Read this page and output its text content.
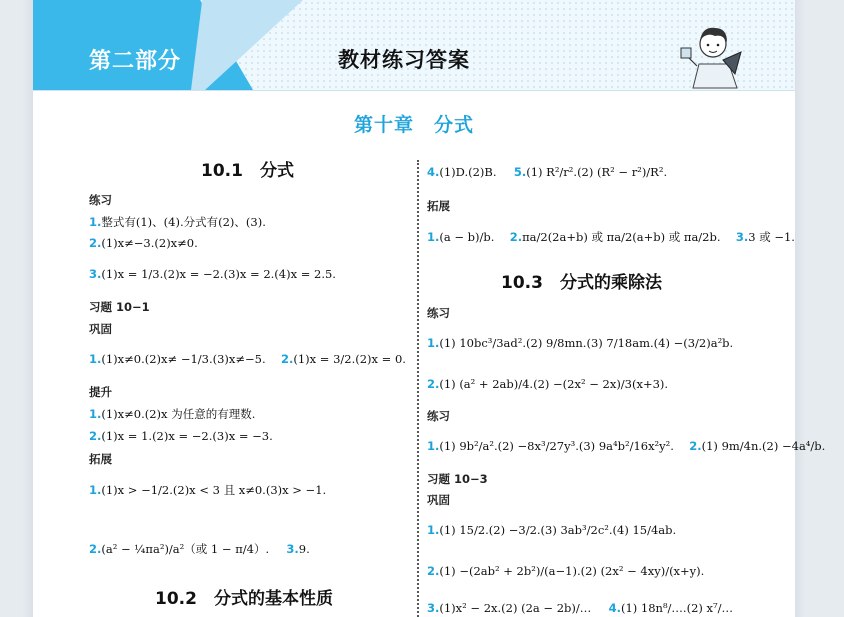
第二部分	教材练习答案
第十章　分式
10.1　分式
练习
1.整式有(1)、(4).分式有(2)、(3).
2.(1)x≠−3.(2)x≠0.
3.(1)x = 1/3.(2)x = −2.(3)x = 2.(4)x = 2.5.
习题 10−1
巩固
1.(1)x≠0.(2)x≠ −1/3.(3)x≠−5. 2.(1)x = 3/2.(2)x = 0.
提升
1.(1)x≠0.(2)x 为任意的有理数.
2.(1)x = 1.(2)x = −2.(3)x = −3.
拓展
1.(1)x > −1/2.(2)x < 3 且 x≠0.(3)x > −1.
2.(a² − ¼πa²)/a²（或 1 − π/4）. 3.9.
10.2　分式的基本性质
4.(1)D.(2)B. 5.(1) R²/r².(2) (R² − r²)/R².
拓展
1.(a − b)/b. 2.πa/2(2a+b) 或 πa/2(a+b) 或 πa/2b. 3.3 或 −1.
10.3　分式的乘除法
练习
1.(1) 10bc³/3ad².(2) 9/8mn.(3) 7/18am.(4) −(3/2)a²b.
2.(1) (a² + 2ab)/4.(2) −(2x² − 2x)/3(x+3).
练习
1.(1) 9b²/a².(2) −8x³/27y³.(3) 9a⁴b²/16x²y². 2.(1) 9m/4n.(2) −4a⁴/b.
习题 10−3
巩固
1.(1) 15/2.(2) −3/2.(3) 3ab³/2c².(4) 15/4ab.
2.(1) −(2ab² + 2b²)/(a−1).(2) (2x² − 4xy)/(x+y).
3.(1)x² − 2x.(2) (2a − 2b)/… 4.(1) 18n⁸/….(2) x⁷/…
